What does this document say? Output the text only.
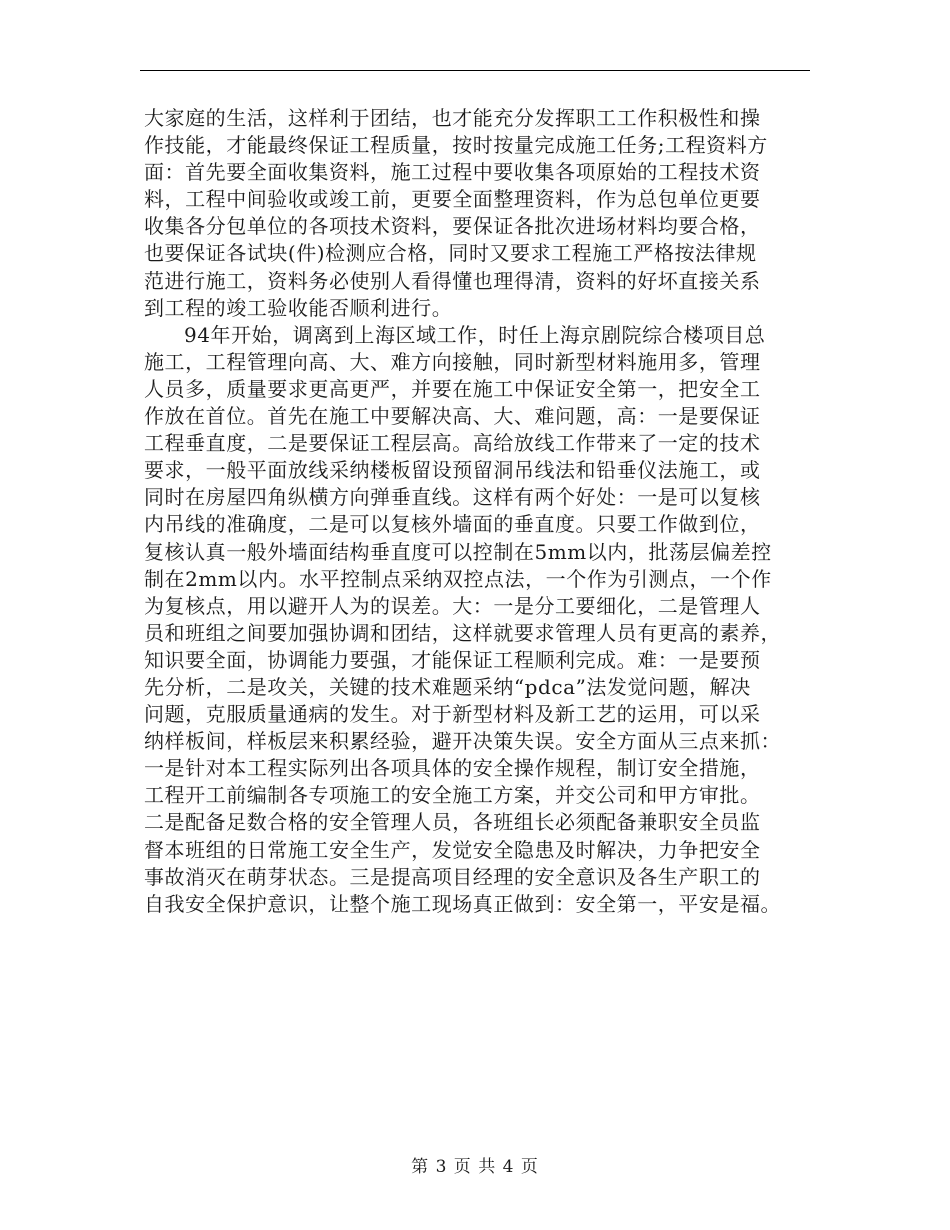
大家庭的生活，这样利于团结，也才能充分发挥职工工作积极性和操
作技能，才能最终保证工程质量，按时按量完成施工任务;工程资料方
面：首先要全面收集资料，施工过程中要收集各项原始的工程技术资
料，工程中间验收或竣工前，更要全面整理资料，作为总包单位更要
收集各分包单位的各项技术资料，要保证各批次进场材料均要合格，
也要保证各试块(件)检测应合格，同时又要求工程施工严格按法律规
范进行施工，资料务必使别人看得懂也理得清，资料的好坏直接关系
到工程的竣工验收能否顺利进行。
94年开始，调离到上海区域工作，时任上海京剧院综合楼项目总
施工，工程管理向高、大、难方向接触，同时新型材料施用多，管理
人员多，质量要求更高更严，并要在施工中保证安全第一，把安全工
作放在首位。首先在施工中要解决高、大、难问题，高：一是要保证
工程垂直度，二是要保证工程层高。高给放线工作带来了一定的技术
要求，一般平面放线采纳楼板留设预留洞吊线法和铅垂仪法施工，或
同时在房屋四角纵横方向弹垂直线。这样有两个好处：一是可以复核
内吊线的准确度，二是可以复核外墙面的垂直度。只要工作做到位，
复核认真一般外墙面结构垂直度可以控制在5mm以内，批荡层偏差控
制在2mm以内。水平控制点采纳双控点法，一个作为引测点，一个作
为复核点，用以避开人为的误差。大：一是分工要细化，二是管理人
员和班组之间要加强协调和团结，这样就要求管理人员有更高的素养，
知识要全面，协调能力要强，才能保证工程顺利完成。难：一是要预
先分析，二是攻关，关键的技术难题采纳“pdca”法发觉问题，解决
问题，克服质量通病的发生。对于新型材料及新工艺的运用，可以采
纳样板间，样板层来积累经验，避开决策失误。安全方面从三点来抓：
一是针对本工程实际列出各项具体的安全操作规程，制订安全措施，
工程开工前编制各专项施工的安全施工方案，并交公司和甲方审批。
二是配备足数合格的安全管理人员，各班组长必须配备兼职安全员监
督本班组的日常施工安全生产，发觉安全隐患及时解决，力争把安全
事故消灭在萌芽状态。三是提高项目经理的安全意识及各生产职工的
自我安全保护意识，让整个施工现场真正做到：安全第一，平安是福。
第 3 页 共 4 页
